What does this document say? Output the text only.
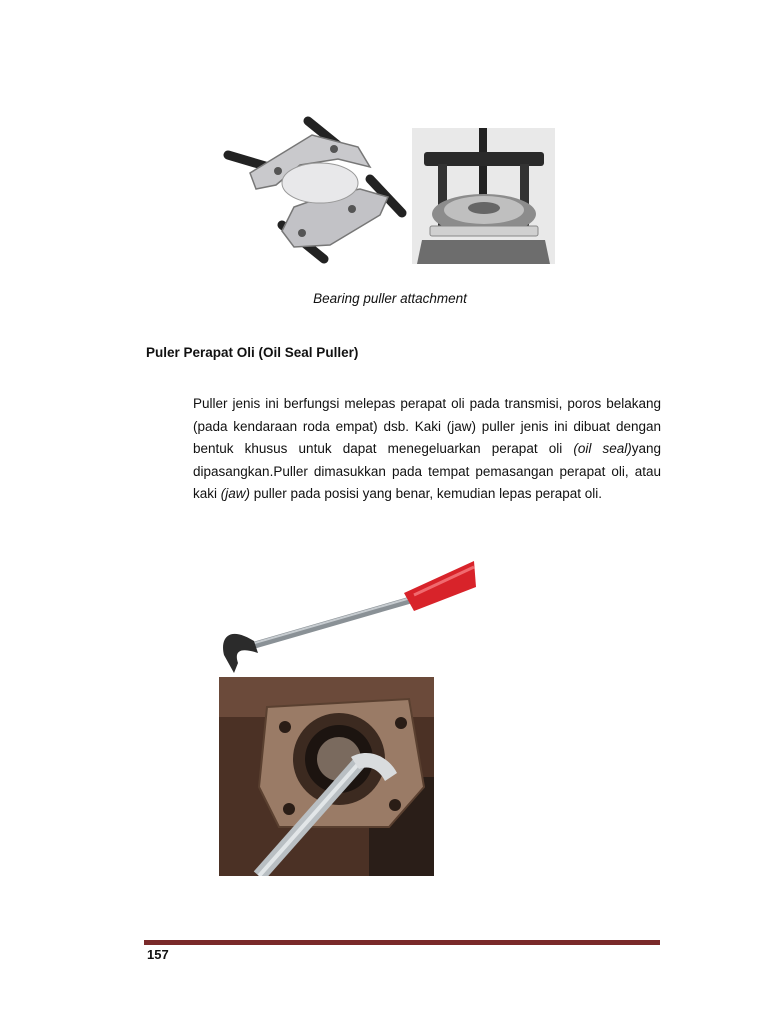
Bearing puller attachment
Puler Perapat Oli (Oil Seal Puller)
Puller jenis ini berfungsi melepas perapat oli pada transmisi, poros belakang (pada kendaraan roda empat) dsb. Kaki (jaw) puller jenis ini dibuat dengan bentuk khusus untuk dapat menegeluarkan perapat oli (oil seal)yang dipasangkan.Puller dimasukkan pada tempat pemasangan perapat oli, atau kaki (jaw) puller pada posisi yang benar, kemudian lepas perapat oli.
157
